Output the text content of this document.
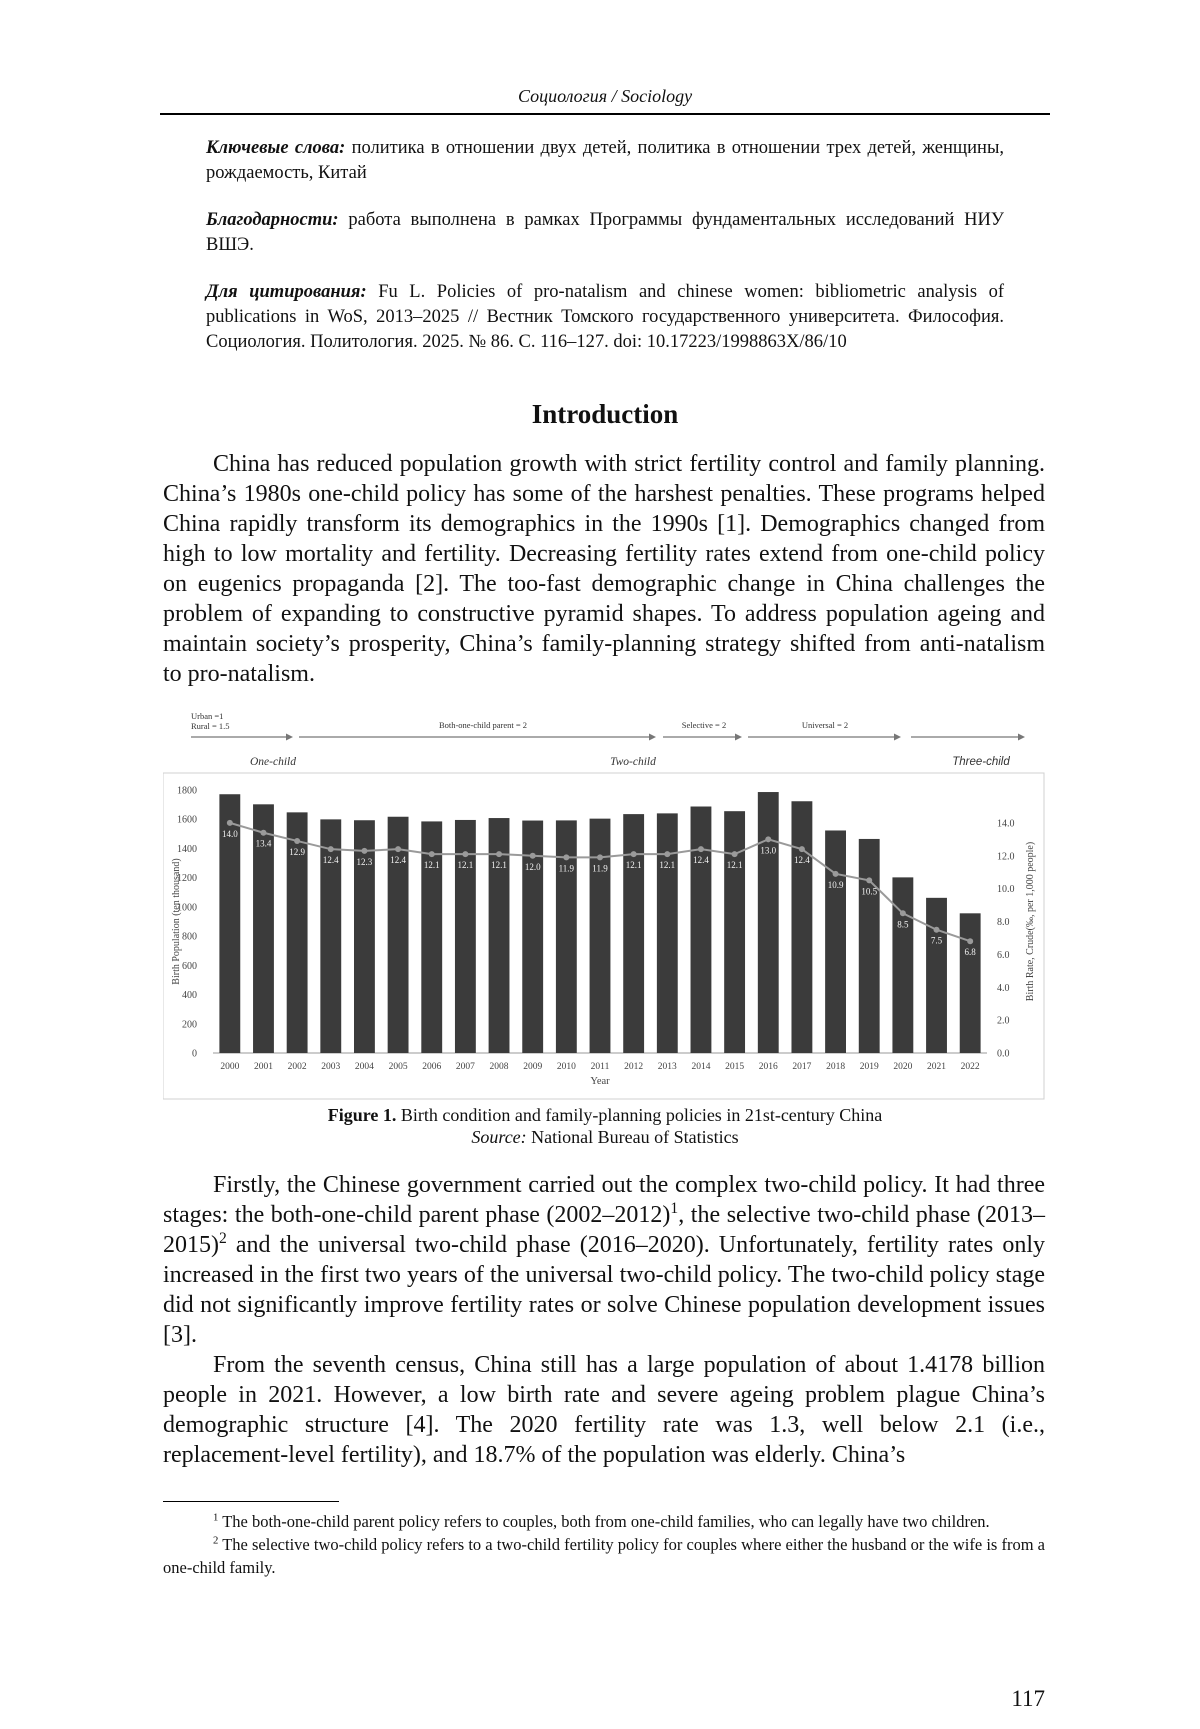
Социология / Sociology
Ключевые слова: политика в отношении двух детей, политика в отношении трех детей, женщины, рождаемость, Китай
Благодарности: работа выполнена в рамках Программы фундаментальных исследований НИУ ВШЭ.
Для цитирования: Fu L. Policies of pro-natalism and chinese women: bibliometric analysis of publications in WoS, 2013–2025 // Вестник Томского государственного университета. Философия. Социология. Политология. 2025. № 86. С. 116–127. doi: 10.17223/1998863X/86/10
Introduction

China has reduced population growth with strict fertility control and family planning. China’s 1980s one-child policy has some of the harshest penalties. These programs helped China rapidly transform its demographics in the 1990s [1]. Demographics changed from high to low mortality and fertility. Decreasing fertility rates extend from one-child policy on eugenics propaganda [2]. The too-fast demographic change in China challenges the problem of expanding to constructive pyramid shapes. To address population ageing and maintain society’s prosperity, China’s family-planning strategy shifted from anti-natalism to pro-natalism.

Urban =1
Rural = 1.5	Both-one-child parent = 2	Selective = 2	Universal = 2
One-child	Two-child	Three-child
0
200
400
600
800
1000
1200
1400
1600
1800
0.0
2.0
4.0
6.0
8.0
10.0
12.0
14.0
2000 2001 2002 2003 2004 2005 2006 2007 2008 2009 2010 2011 2012 2013 2014 2015 2016 2017 2018 2019 2020 2021 2022
14.0
13.4
12.9
12.4 12.3 12.4 12.1 12.1 12.1 12.0 11.9 11.9 12.1 12.1 12.4 12.1
13.0
12.4
10.9
10.5
8.5
7.5
6.8
Year
Birth Population (ten thousand)	Birth Rate, Crude(‰, per 1,000 people)
Figure 1. Birth condition and family-planning policies in 21st-century China
Source: National Bureau of Statistics

Firstly, the Chinese government carried out the complex two-child policy. It had three stages: the both-one-child parent phase (2002–2012)$^1$, the selective two-child phase (2013–2015)$^2$ and the universal two-child phase (2016–2020). Unfortunately, fertility rates only increased in the first two years of the universal two-child policy. The two-child policy stage did not significantly improve fertility rates or solve Chinese population development issues [3].

From the seventh census, China still has a large population of about 1.4178 billion people in 2021. However, a low birth rate and severe ageing problem plague China’s demographic structure [4]. The 2020 fertility rate was 1.3, well below 2.1 (i.e., replacement-level fertility), and 18.7% of the population was elderly. China’s

$^1$ The both-one-child parent policy refers to couples, both from one-child families, who can legally have two children.

$^2$ The selective two-child policy refers to a two-child fertility policy for couples where either the husband or the wife is from a one-child family.

117
